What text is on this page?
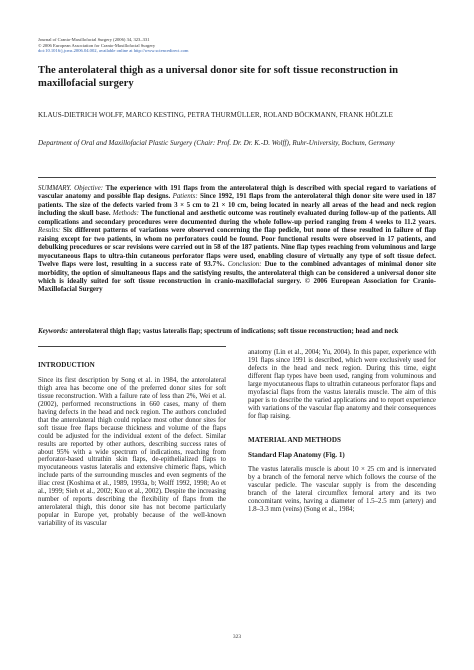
Journal of Cranio-Maxillofacial Surgery (2006) 34, 323–331
© 2006 European Association for Cranio-Maxillofacial Surgery
doi:10.1016/j.jcms.2006.04.002, available online at http://www.sciencedirect.com
The anterolateral thigh as a universal donor site for soft tissue reconstruction in maxillofacial surgery
KLAUS-DIETRICH WOLFF, MARCO KESTING, PETRA THURMÜLLER, ROLAND BÖCKMANN, FRANK HÖLZLE
Department of Oral and Maxillofacial Plastic Surgery (Chair: Prof. Dr. Dr. K.-D. Wolff), Ruhr-University, Bochum, Germany
SUMMARY. Objective: The experience with 191 flaps from the anterolateral thigh is described with special regard to variations of vascular anatomy and possible flap designs. Patients: Since 1992, 191 flaps from the anterolateral thigh donor site were used in 187 patients. The size of the defects varied from 3 × 5 cm to 21 × 10 cm, being located in nearly all areas of the head and neck region including the skull base. Methods: The functional and aesthetic outcome was routinely evaluated during follow-up of the patients. All complications and secondary procedures were documented during the whole follow-up period ranging from 4 weeks to 11.2 years. Results: Six different patterns of variations were observed concerning the flap pedicle, but none of these resulted in failure of flap raising except for two patients, in whom no perforators could be found. Poor functional results were observed in 17 patients, and debulking procedures or scar revisions were carried out in 58 of the 187 patients. Nine flap types reaching from voluminous and large myocutaneous flaps to ultra-thin cutaneous perforator flaps were used, enabling closure of virtually any type of soft tissue defect. Twelve flaps were lost, resulting in a success rate of 93.7%. Conclusion: Due to the combined advantages of minimal donor site morbidity, the option of simultaneous flaps and the satisfying results, the anterolateral thigh can be considered a universal donor site which is ideally suited for soft tissue reconstruction in cranio-maxillofacial surgery. © 2006 European Association for Cranio-Maxillofacial Surgery
Keywords: anterolateral thigh flap; vastus lateralis flap; spectrum of indications; soft tissue reconstruction; head and neck
INTRODUCTION

Since its first description by Song et al. in 1984, the anterolateral thigh area has become one of the preferred donor sites for soft tissue reconstruction. With a failure rate of less than 2%, Wei et al. (2002), performed reconstructions in 660 cases, many of them having defects in the head and neck region. The authors concluded that the anterolateral thigh could replace most other donor sites for soft tissue free flaps because thickness and volume of the flaps could be adjusted for the individual extent of the defect. Similar results are reported by other authors, describing success rates of about 95% with a wide spectrum of indications, reaching from perforator-based ultrathin skin flaps, de-epithelialized flaps to myocutaneous vastus lateralis and extensive chimeric flaps, which include parts of the surrounding muscles and even segments of the iliac crest (Koshima et al., 1989, 1993a, b; Wolff 1992, 1998; Ao et al., 1999; Sieh et al., 2002; Kuo et al., 2002). Despite the increasing number of reports describing the flexibility of flaps from the anterolateral thigh, this donor site has not become particularly popular in Europe yet, probably because of the well-known variability of its vascular

anatomy (Lin et al., 2004; Yu, 2004). In this paper, experience with 191 flaps since 1991 is described, which were exclusively used for defects in the head and neck region. During this time, eight different flap types have been used, ranging from voluminous and large myocutaneous flaps to ultrathin cutaneous perforator flaps and myofascial flaps from the vastus lateralis muscle. The aim of this paper is to describe the varied applications and to report experience with variations of the vascular flap anatomy and their consequences for flap raising.

MATERIAL AND METHODS
Standard Flap Anatomy (Fig. 1)

The vastus lateralis muscle is about 10 × 25 cm and is innervated by a branch of the femoral nerve which follows the course of the vascular pedicle. The vascular supply is from the descending branch of the lateral circumflex femoral artery and its two concomitant veins, having a diameter of 1.5–2.5 mm (artery) and 1.8–3.3 mm (veins) (Song et al., 1984;

323
